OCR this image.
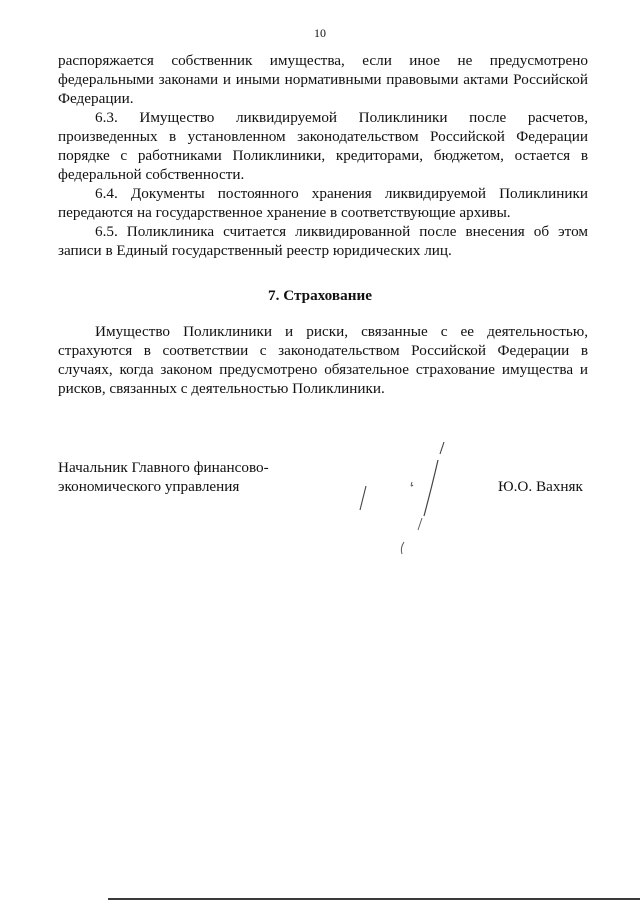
10

распоряжается собственник имущества, если иное не предусмотрено федеральными законами и иными нормативными правовыми актами Российской Федерации.

6.3. Имущество ликвидируемой Поликлиники после расчетов, произведенных в установленном законодательством Российской Федерации порядке с работниками Поликлиники, кредиторами, бюджетом, остается в федеральной собственности.

6.4. Документы постоянного хранения ликвидируемой Поликлиники передаются на государственное хранение в соответствующие архивы.

6.5. Поликлиника считается ликвидированной после внесения об этом записи в Единый государственный реестр юридических лиц.

7. Страхование

Имущество Поликлиники и риски, связанные с ее деятельностью, страхуются в соответствии с законодательством Российской Федерации в случаях, когда законом предусмотрено обязательное страхование имущества и рисков, связанных с деятельностью Поликлиники.

Начальник Главного финансово-
экономического управления	Ю.О. Вахняк
